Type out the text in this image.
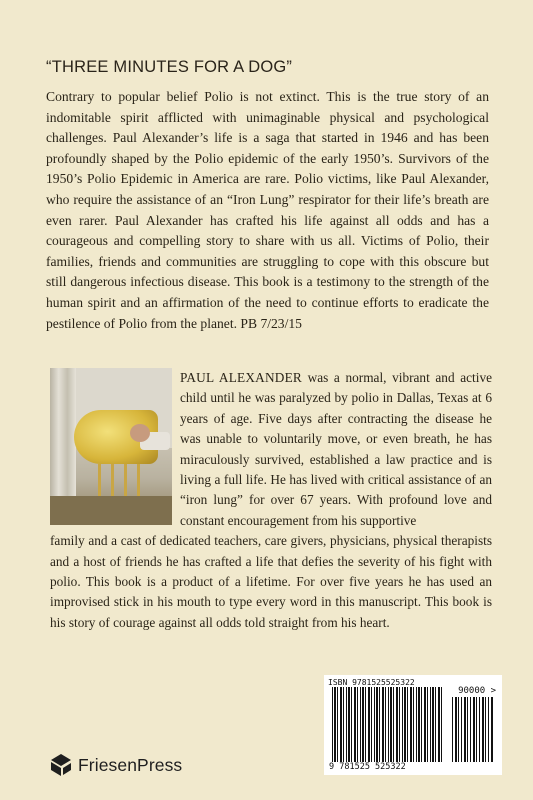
“THREE MINUTES FOR A DOG”
Contrary to popular belief Polio is not extinct. This is the true story of an indomitable spirit afflicted with unimaginable physical and psychological challenges. Paul Alexander’s life is a saga that started in 1946 and has been profoundly shaped by the Polio epidemic of the early 1950’s. Survivors of the 1950’s Polio Epidemic in America are rare. Polio victims, like Paul Alexander, who require the assistance of an “Iron Lung” respirator for their life’s breath are even rarer. Paul Alexander has crafted his life against all odds and has a courageous and compelling story to share with us all. Victims of Polio, their families, friends and communities are struggling to cope with this obscure but still dangerous infectious disease. This book is a testimony to the strength of the human spirit and an affirmation of the need to continue efforts to eradicate the pestilence of Polio from the planet. PB 7/23/15
PAUL ALEXANDER was a normal, vibrant and active child until he was paralyzed by polio in Dallas, Texas at 6 years of age. Five days after contracting the disease he was unable to voluntarily move, or even breath, he has miraculously survived, established a law practice and is living a full life. He has lived with critical assistance of an “iron lung” for over 67 years. With profound love and constant encouragement from his supportive
family and a cast of dedicated teachers, care givers, physicians, physical therapists and a host of friends he has crafted a life that defies the severity of his fight with polio. This book is a product of a lifetime. For over five years he has used an improvised stick in his mouth to type every word in this manuscript. This book is his story of courage against all odds told straight from his heart.
FriesenPress
ISBN 9781525525322
90000 >
9 781525 525322
